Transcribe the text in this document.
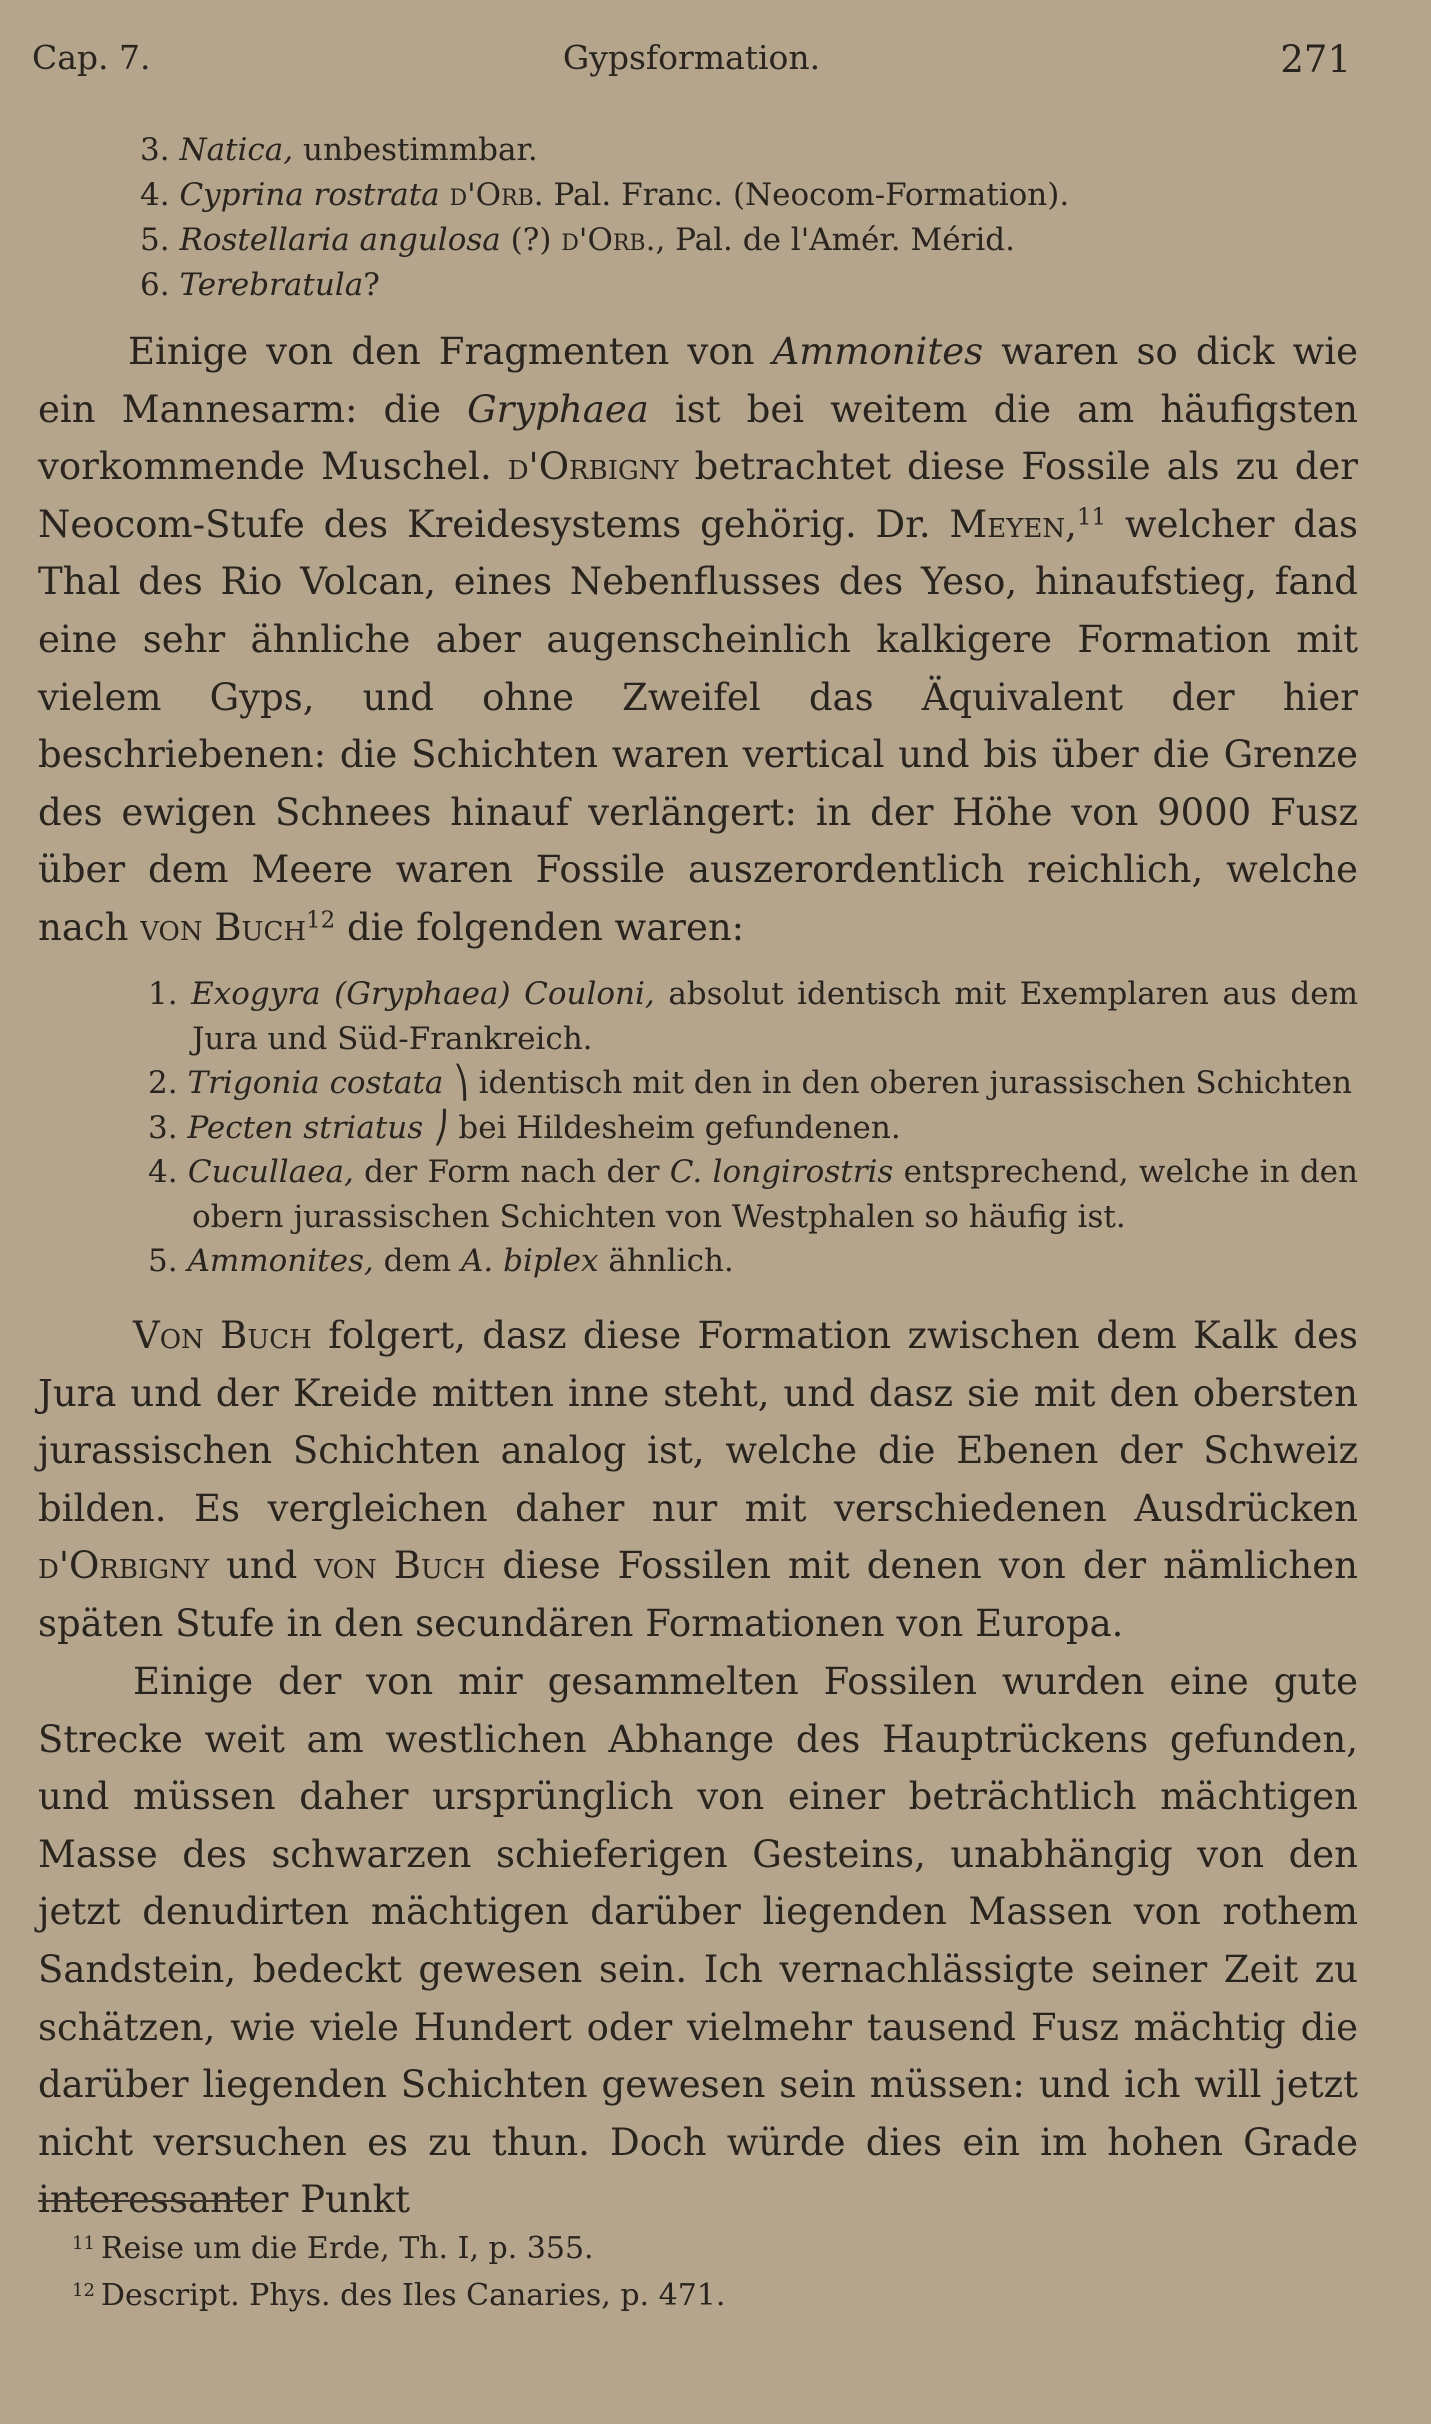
Cap. 7.	Gypsformation.	271
3. Natica, unbestimmbar.
4. Cyprina rostrata d'Orb. Pal. Franc. (Neocom-Formation).
5. Rostellaria angulosa (?) d'Orb., Pal. de l'Amér. Mérid.
6. Terebratula?
Einige von den Fragmenten von Ammonites waren so dick wie ein Mannesarm: die Gryphaea ist bei weitem die am häufigsten vorkommende Muschel. d'Orbigny betrachtet diese Fossile als zu der Neocom-Stufe des Kreidesystems gehörig. Dr. Meyen,$^{11}$ welcher das Thal des Rio Volcan, eines Nebenflusses des Yeso, hinaufstieg, fand eine sehr ähnliche aber augenscheinlich kalkigere Formation mit vielem Gyps, und ohne Zweifel das Äquivalent der hier beschriebenen: die Schichten waren vertical und bis über die Grenze des ewigen Schnees hinauf verlängert: in der Höhe von 9000 Fusz über dem Meere waren Fossile auszerordentlich reichlich, welche nach von Buch$^{12}$ die folgenden waren:
1. Exogyra (Gryphaea) Couloni, absolut identisch mit Exemplaren aus dem Jura und Süd-Frankreich.
2. Trigonia costata ⎞ identisch mit den in den oberen jurassischen Schichten
3. Pecten striatus ⎠ bei Hildesheim gefundenen.
4. Cucullaea, der Form nach der C. longirostris entsprechend, welche in den obern jurassischen Schichten von Westphalen so häufig ist.
5. Ammonites, dem A. biplex ähnlich.
Von Buch folgert, dasz diese Formation zwischen dem Kalk des Jura und der Kreide mitten inne steht, und dasz sie mit den obersten jurassischen Schichten analog ist, welche die Ebenen der Schweiz bilden. Es vergleichen daher nur mit verschiedenen Ausdrücken d'Orbigny und von Buch diese Fossilen mit denen von der nämlichen späten Stufe in den secundären Formationen von Europa.
Einige der von mir gesammelten Fossilen wurden eine gute Strecke weit am westlichen Abhange des Hauptrückens gefunden, und müssen daher ursprünglich von einer beträchtlich mächtigen Masse des schwarzen schieferigen Gesteins, unabhängig von den jetzt denudirten mächtigen darüber liegenden Massen von rothem Sandstein, bedeckt gewesen sein. Ich vernachlässigte seiner Zeit zu schätzen, wie viele Hundert oder vielmehr tausend Fusz mächtig die darüber liegenden Schichten gewesen sein müssen: und ich will jetzt nicht versuchen es zu thun. Doch würde dies ein im hohen Grade interessanter Punkt
$^{11}$ Reise um die Erde, Th. I, p. 355.
$^{12}$ Descript. Phys. des Iles Canaries, p. 471.
